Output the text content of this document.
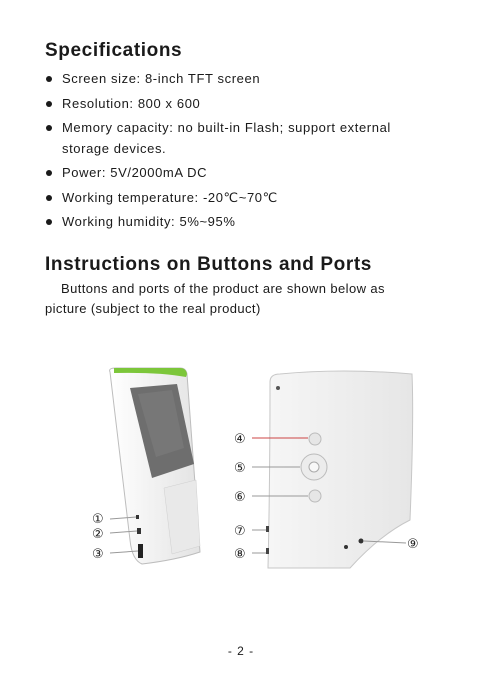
Specifications
Screen size: 8-inch TFT screen
Resolution: 800 x 600
Memory capacity: no built-in Flash; support external
storage devices.
Power: 5V/2000mA DC
Working temperature: -20℃~70℃
Working humidity: 5%~95%
Instructions on Buttons and Ports

Buttons and ports of the product are shown below as
picture (subject to the real product)

①
②
③
④
⑤
⑥
⑦
⑧
⑨
- 2 -
